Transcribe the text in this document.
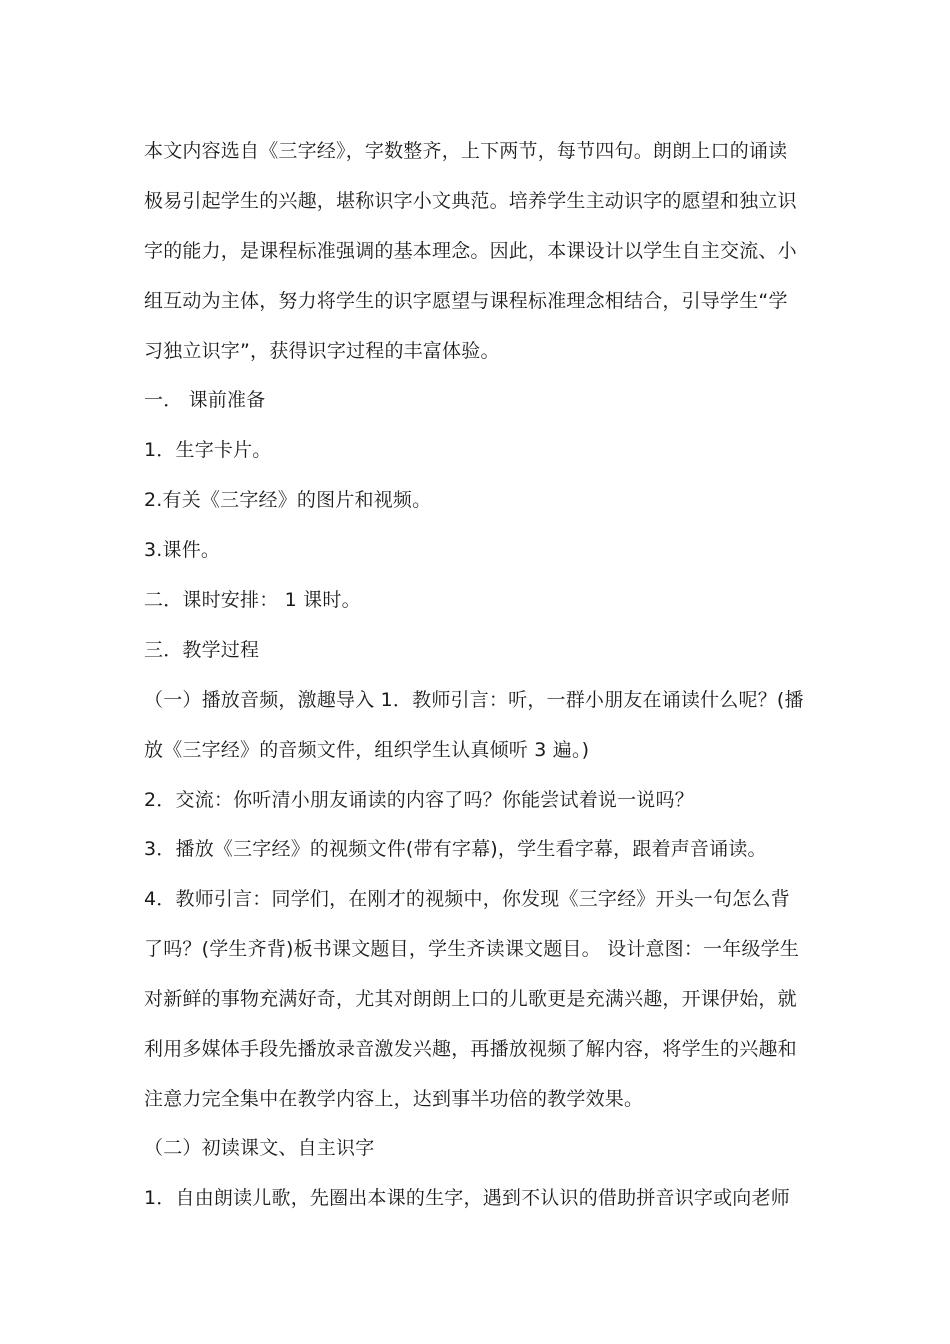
本文内容选自《三字经》，字数整齐，上下两节，每节四句。朗朗上口的诵读
极易引起学生的兴趣，堪称识字小文典范。培养学生主动识字的愿望和独立识
字的能力，是课程标准强调的基本理念。因此，本课设计以学生自主交流、小
组互动为主体，努力将学生的识字愿望与课程标准理念相结合，引导学生“学
习独立识字”，获得识字过程的丰富体验。
一． 课前准备
1．生字卡片。
2.有关《三字经》的图片和视频。
3.课件。
二．课时安排： 1 课时。
三．教学过程
（一）播放音频，激趣导入 1．教师引言：听，一群小朋友在诵读什么呢？(播
放《三字经》的音频文件，组织学生认真倾听 3 遍。)
2．交流：你听清小朋友诵读的内容了吗？你能尝试着说一说吗？
3．播放《三字经》的视频文件(带有字幕)，学生看字幕，跟着声音诵读。
4．教师引言：同学们，在刚才的视频中，你发现《三字经》开头一句怎么背
了吗？(学生齐背)板书课文题目，学生齐读课文题目。 设计意图：一年级学生
对新鲜的事物充满好奇，尤其对朗朗上口的儿歌更是充满兴趣，开课伊始，就
利用多媒体手段先播放录音激发兴趣，再播放视频了解内容，将学生的兴趣和
注意力完全集中在教学内容上，达到事半功倍的教学效果。
（二）初读课文、自主识字
1．自由朗读儿歌，先圈出本课的生字，遇到不认识的借助拼音识字或向老师
